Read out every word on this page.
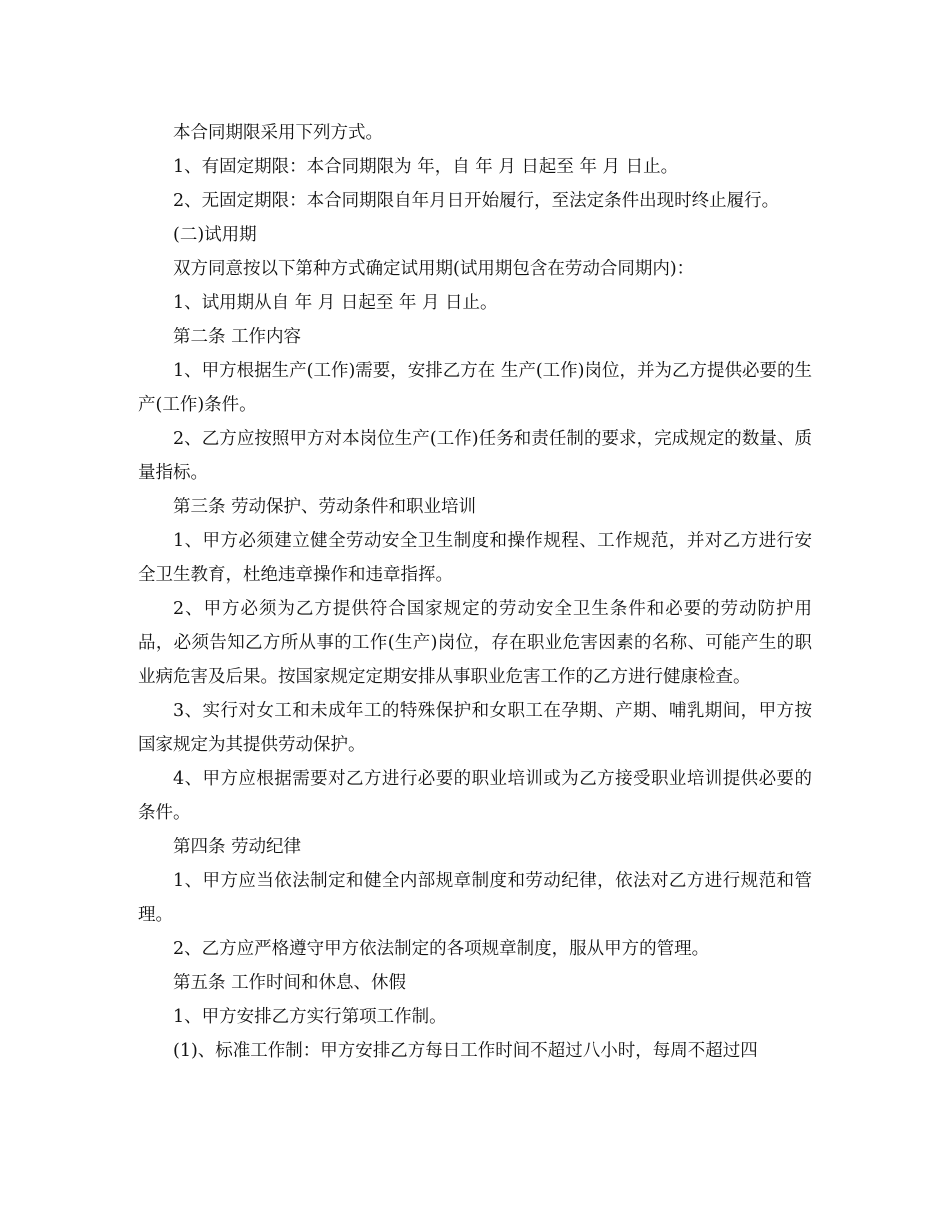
本合同期限采用下列方式。

1、有固定期限：本合同期限为 年，自 年 月 日起至 年 月 日止。

2、无固定期限：本合同期限自年月日开始履行，至法定条件出现时终止履行。

(二)试用期

双方同意按以下第种方式确定试用期(试用期包含在劳动合同期内)：

1、试用期从自 年 月 日起至 年 月 日止。

第二条 工作内容

1、甲方根据生产(工作)需要，安排乙方在 生产(工作)岗位，并为乙方提供必要的生产(工作)条件。

2、乙方应按照甲方对本岗位生产(工作)任务和责任制的要求，完成规定的数量、质量指标。

第三条 劳动保护、劳动条件和职业培训

1、甲方必须建立健全劳动安全卫生制度和操作规程、工作规范，并对乙方进行安全卫生教育，杜绝违章操作和违章指挥。

2、甲方必须为乙方提供符合国家规定的劳动安全卫生条件和必要的劳动防护用品，必须告知乙方所从事的工作(生产)岗位，存在职业危害因素的名称、可能产生的职业病危害及后果。按国家规定定期安排从事职业危害工作的乙方进行健康检查。

3、实行对女工和未成年工的特殊保护和女职工在孕期、产期、哺乳期间，甲方按国家规定为其提供劳动保护。

4、甲方应根据需要对乙方进行必要的职业培训或为乙方接受职业培训提供必要的条件。

第四条 劳动纪律

1、甲方应当依法制定和健全内部规章制度和劳动纪律，依法对乙方进行规范和管理。

2、乙方应严格遵守甲方依法制定的各项规章制度，服从甲方的管理。

第五条 工作时间和休息、休假

1、甲方安排乙方实行第项工作制。

(1)、标准工作制：甲方安排乙方每日工作时间不超过八小时，每周不超过四
